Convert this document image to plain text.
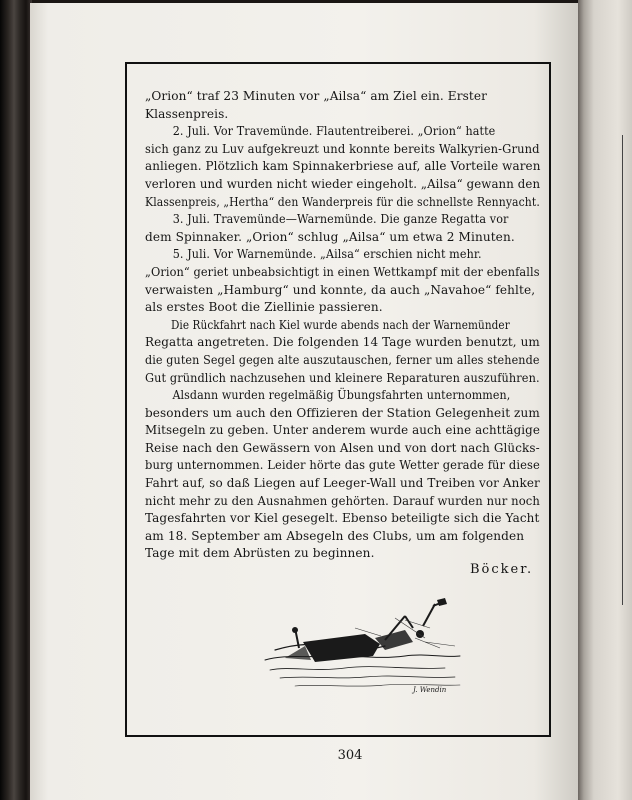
„Orion“ traf 23 Minuten vor „Ailsa“ am Ziel ein. Erster
Klassenpreis.

2. Juli. Vor Travemünde. Flautentreiberei. „Orion“ hatte
sich ganz zu Luv aufgekreuzt und konnte bereits Walkyrien-Grund
anliegen. Plötzlich kam Spinnakerbriese auf, alle Vorteile waren
verloren und wurden nicht wieder eingeholt. „Ailsa“ gewann den
Klassenpreis, „Hertha“ den Wanderpreis für die schnellste Rennyacht.

3. Juli. Travemünde—Warnemünde. Die ganze Regatta vor
dem Spinnaker. „Orion“ schlug „Ailsa“ um etwa 2 Minuten.

5. Juli. Vor Warnemünde. „Ailsa“ erschien nicht mehr.
„Orion“ geriet unbeabsichtigt in einen Wettkampf mit der ebenfalls
verwaisten „Hamburg“ und konnte, da auch „Navahoe“ fehlte,
als erstes Boot die Ziellinie passieren.

Die Rückfahrt nach Kiel wurde abends nach der Warnemünder
Regatta angetreten. Die folgenden 14 Tage wurden benutzt, um
die guten Segel gegen alte auszutauschen, ferner um alles stehende
Gut gründlich nachzusehen und kleinere Reparaturen auszuführen.

Alsdann wurden regelmäßig Übungsfahrten unternommen,
besonders um auch den Offizieren der Station Gelegenheit zum
Mitsegeln zu geben. Unter anderem wurde auch eine achttägige
Reise nach den Gewässern von Alsen und von dort nach Glücks-
burg unternommen. Leider hörte das gute Wetter gerade für diese
Fahrt auf, so daß Liegen auf Leeger-Wall und Treiben vor Anker
nicht mehr zu den Ausnahmen gehörten. Darauf wurden nur noch
Tagesfahrten vor Kiel gesegelt. Ebenso beteiligte sich die Yacht
am 18. September am Absegeln des Clubs, um am folgenden
Tage mit dem Abrüsten zu beginnen.

Böcker.
J. Wendin
304
